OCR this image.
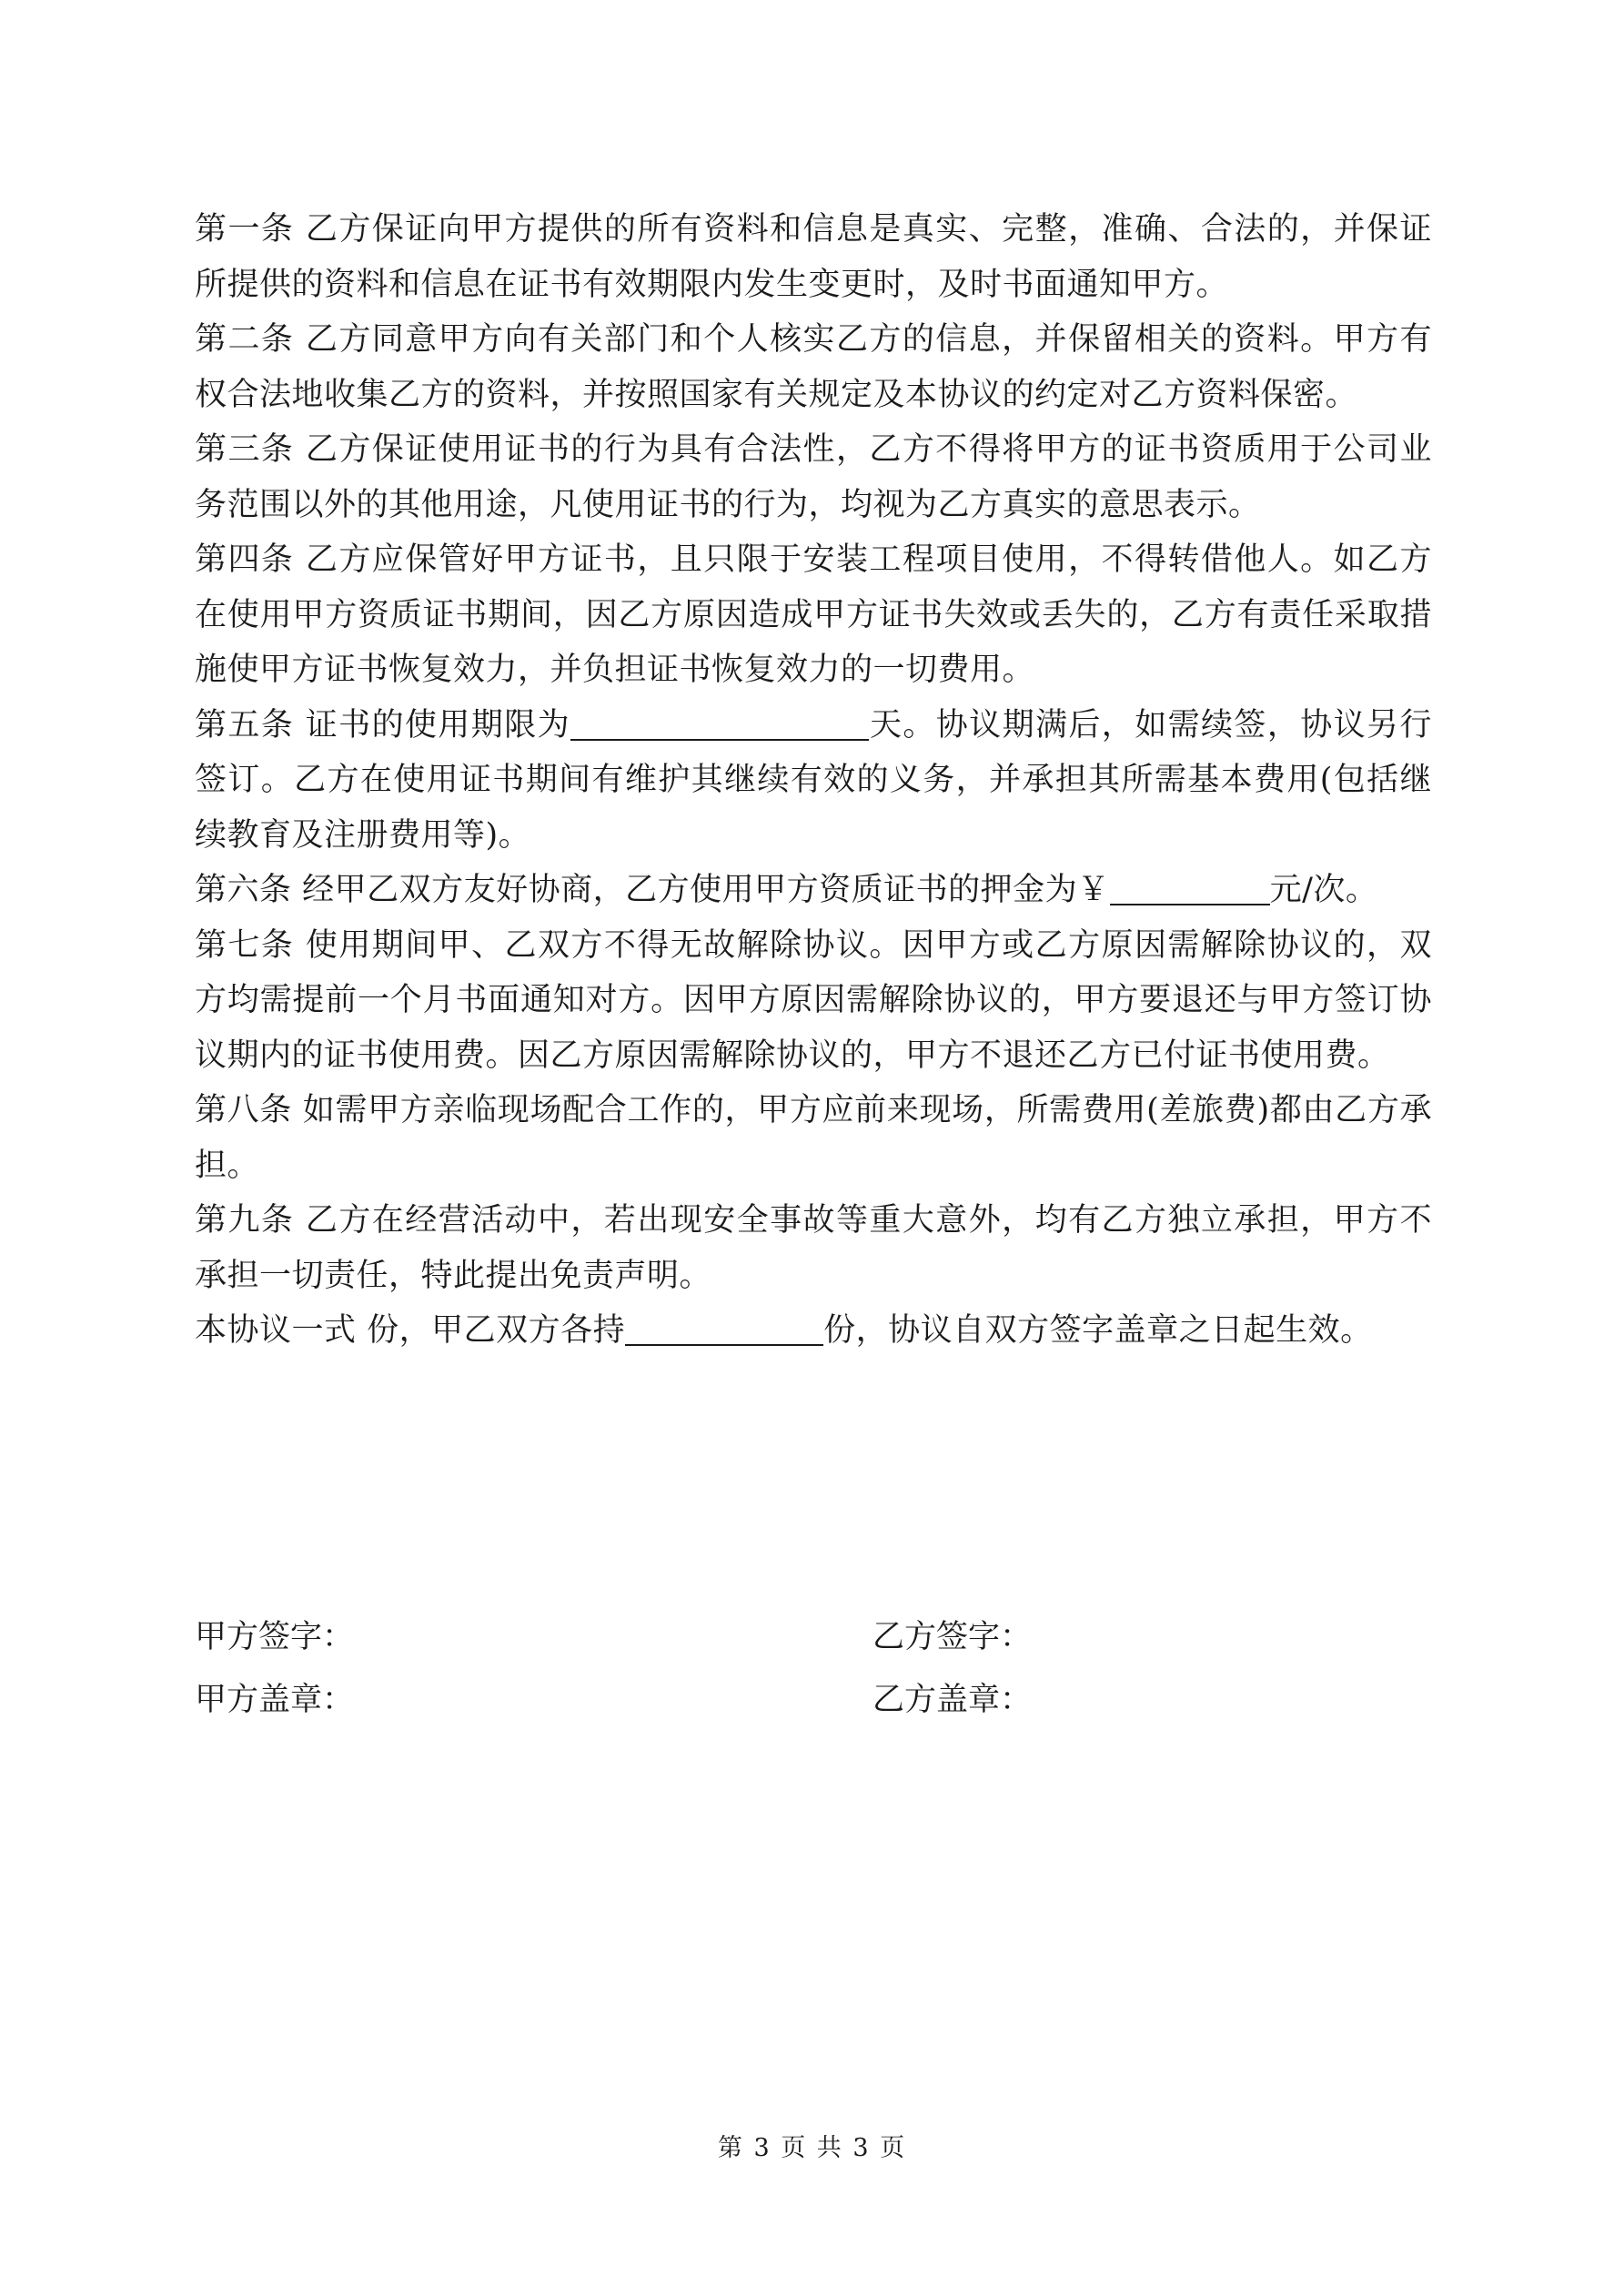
第一条 乙方保证向甲方提供的所有资料和信息是真实、完整，准确、合法的，并保证所提供的资料和信息在证书有效期限内发生变更时，及时书面通知甲方。

第二条 乙方同意甲方向有关部门和个人核实乙方的信息，并保留相关的资料。甲方有权合法地收集乙方的资料，并按照国家有关规定及本协议的约定对乙方资料保密。

第三条 乙方保证使用证书的行为具有合法性，乙方不得将甲方的证书资质用于公司业务范围以外的其他用途，凡使用证书的行为，均视为乙方真实的意思表示。

第四条 乙方应保管好甲方证书，且只限于安装工程项目使用，不得转借他人。如乙方在使用甲方资质证书期间，因乙方原因造成甲方证书失效或丢失的，乙方有责任采取措施使甲方证书恢复效力，并负担证书恢复效力的一切费用。

第五条 证书的使用期限为	天。协议期满后，如需续签，协议另行签订。乙方在使用证书期间有维护其继续有效的义务，并承担其所需基本费用(包括继续教育及注册费用等)。

第六条 经甲乙双方友好协商，乙方使用甲方资质证书的押金为￥	元/次。

第七条 使用期间甲、乙双方不得无故解除协议。因甲方或乙方原因需解除协议的，双方均需提前一个月书面通知对方。因甲方原因需解除协议的，甲方要退还与甲方签订协议期内的证书使用费。因乙方原因需解除协议的，甲方不退还乙方已付证书使用费。

第八条 如需甲方亲临现场配合工作的，甲方应前来现场，所需费用(差旅费)都由乙方承担。

第九条 乙方在经营活动中，若出现安全事故等重大意外，均有乙方独立承担，甲方不承担一切责任，特此提出免责声明。

本协议一式 份，甲乙双方各持	份，协议自双方签字盖章之日起生效。

甲方签字：	乙方签字：
甲方盖章：	乙方盖章：
第 3 页 共 3 页
